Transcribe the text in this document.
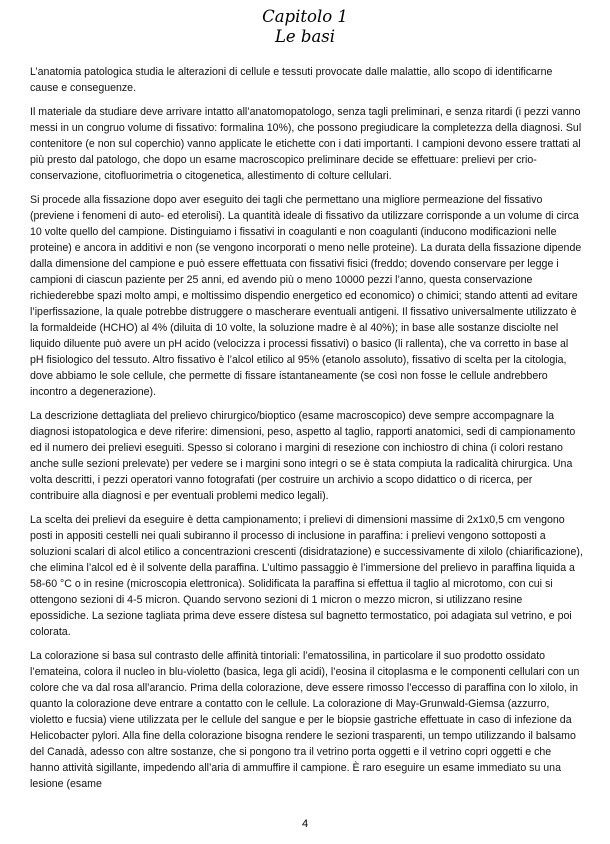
Capitolo 1
Le basi

L’anatomia patologica studia le alterazioni di cellule e tessuti provocate dalle malattie, allo scopo di identificarne cause e conseguenze.

Il materiale da studiare deve arrivare intatto all’anatomopatologo, senza tagli preliminari, e senza ritardi (i pezzi vanno messi in un congruo volume di fissativo: formalina 10%), che possono pregiudicare la completezza della diagnosi. Sul contenitore (e non sul coperchio) vanno applicate le etichette con i dati importanti. I campioni devono essere trattati al più presto dal patologo, che dopo un esame macroscopico preliminare decide se effettuare: prelievi per crio-conservazione, citofluorimetria o citogenetica, allestimento di colture cellulari.

Si procede alla fissazione dopo aver eseguito dei tagli che permettano una migliore permeazione del fissativo (previene i fenomeni di auto- ed eterolisi). La quantità ideale di fissativo da utilizzare corrisponde a un volume di circa 10 volte quello del campione. Distinguiamo i fissativi in coagulanti e non coagulanti (inducono modificazioni nelle proteine) e ancora in additivi e non (se vengono incorporati o meno nelle proteine). La durata della fissazione dipende dalla dimensione del campione e può essere effettuata con fissativi fisici (freddo; dovendo conservare per legge i campioni di ciascun paziente per 25 anni, ed avendo più o meno 10000 pezzi l’anno, questa conservazione richiederebbe spazi molto ampi, e moltissimo dispendio energetico ed economico) o chimici; stando attenti ad evitare l’iperfissazione, la quale potrebbe distruggere o mascherare eventuali antigeni. Il fissativo universalmente utilizzato è la formaldeide (HCHO) al 4% (diluita di 10 volte, la soluzione madre è al 40%); in base alle sostanze disciolte nel liquido diluente può avere un pH acido (velocizza i processi fissativi) o basico (li rallenta), che va corretto in base al pH fisiologico del tessuto. Altro fissativo è l’alcol etilico al 95% (etanolo assoluto), fissativo di scelta per la citologia, dove abbiamo le sole cellule, che permette di fissare istantaneamente (se così non fosse le cellule andrebbero incontro a degenerazione).

La descrizione dettagliata del prelievo chirurgico/bioptico (esame macroscopico) deve sempre accompagnare la diagnosi istopatologica e deve riferire: dimensioni, peso, aspetto al taglio, rapporti anatomici, sedi di campionamento ed il numero dei prelievi eseguiti. Spesso si colorano i margini di resezione con inchiostro di china (i colori restano anche sulle sezioni prelevate) per vedere se i margini sono integri o se è stata compiuta la radicalità chirurgica. Una volta descritti, i pezzi operatori vanno fotografati (per costruire un archivio a scopo didattico o di ricerca, per contribuire alla diagnosi e per eventuali problemi medico legali).

La scelta dei prelievi da eseguire è detta campionamento; i prelievi di dimensioni massime di 2x1x0,5 cm vengono posti in appositi cestelli nei quali subiranno il processo di inclusione in paraffina: i prelievi vengono sottoposti a soluzioni scalari di alcol etilico a concentrazioni crescenti (disidratazione) e successivamente di xilolo (chiarificazione), che elimina l’alcol ed è il solvente della paraffina. L’ultimo passaggio è l’immersione del prelievo in paraffina liquida a 58-60 °C o in resine (microscopia elettronica). Solidificata la paraffina si effettua il taglio al microtomo, con cui si ottengono sezioni di 4-5 micron. Quando servono sezioni di 1 micron o mezzo micron, si utilizzano resine epossidiche. La sezione tagliata prima deve essere distesa sul bagnetto termostatico, poi adagiata sul vetrino, e poi colorata.

La colorazione si basa sul contrasto delle affinità tintoriali: l’ematossilina, in particolare il suo prodotto ossidato l’emateina, colora il nucleo in blu-violetto (basica, lega gli acidi), l’eosina il citoplasma e le componenti cellulari con un colore che va dal rosa all’arancio. Prima della colorazione, deve essere rimosso l’eccesso di paraffina con lo xilolo, in quanto la colorazione deve entrare a contatto con le cellule. La colorazione di May-Grunwald-Giemsa (azzurro, violetto e fucsia) viene utilizzata per le cellule del sangue e per le biopsie gastriche effettuate in caso di infezione da Helicobacter pylori. Alla fine della colorazione bisogna rendere le sezioni trasparenti, un tempo utilizzando il balsamo del Canadà, adesso con altre sostanze, che si pongono tra il vetrino porta oggetti e il vetrino copri oggetti e che hanno attività sigillante, impedendo all’aria di ammuffire il campione. È raro eseguire un esame immediato su una lesione (esame

4
